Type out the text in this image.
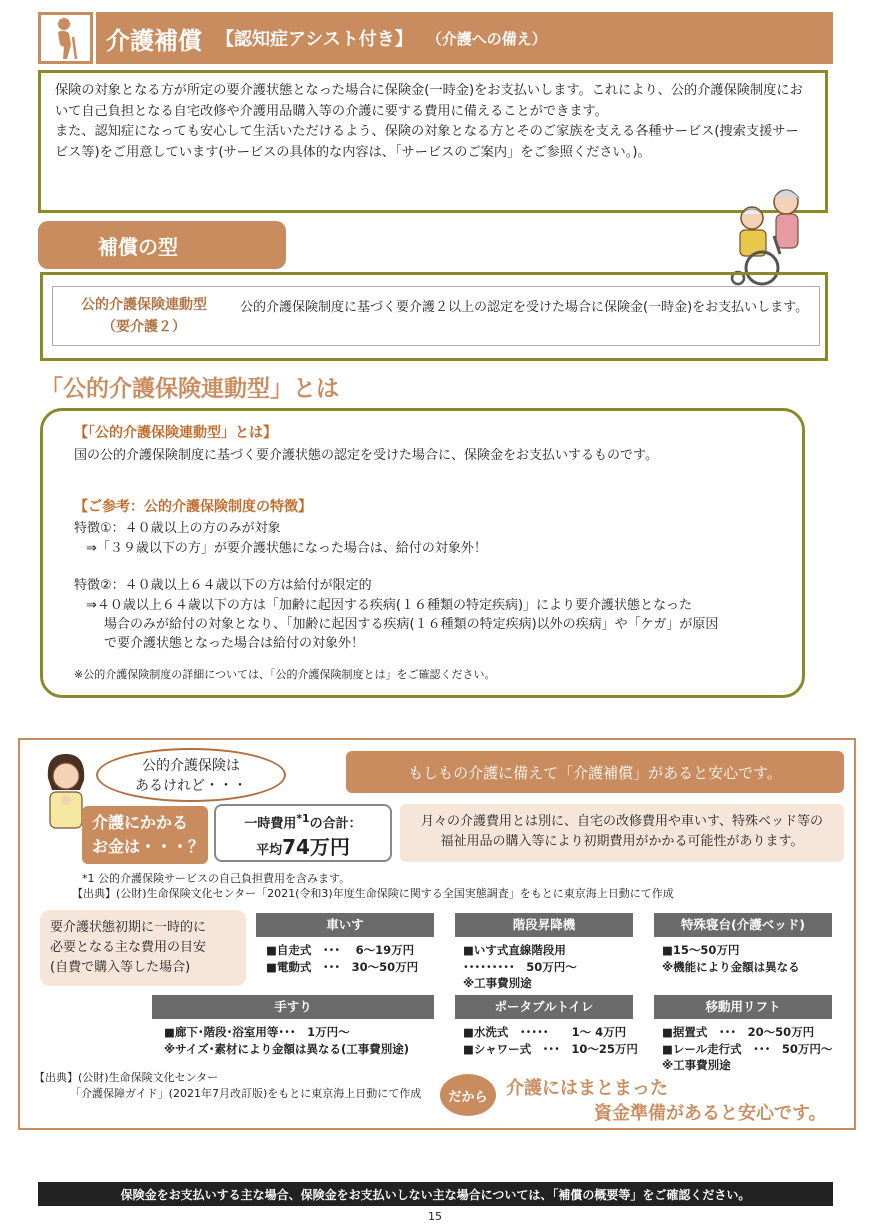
介護補償 【認知症アシスト付き】 （介護への備え）

保険の対象となる方が所定の要介護状態となった場合に保険金(一時金)をお支払いします。これにより、公的介護保険制度において自己負担となる自宅改修や介護用品購入等の介護に要する費用に備えることができます。

また、認知症になっても安心して生活いただけるよう、保険の対象となる方とそのご家族を支える各種サービス(捜索支援サービス等)をご用意しています(サービスの具体的な内容は、「サービスのご案内」をご参照ください。)。

補償の型
公的介護保険連動型
（要介護２）
公的介護保険制度に基づく要介護２以上の認定を受けた場合に保険金(一時金)をお支払いします。
「公的介護保険連動型」とは
【「公的介護保険連動型」とは】
国の公的介護保険制度に基づく要介護状態の認定を受けた場合に、保険金をお支払いするものです。
【ご参考：公的介護保険制度の特徴】
特徴①：４０歳以上の方のみが対象
⇒「３９歳以下の方」が要介護状態になった場合は、給付の対象外！
特徴②：４０歳以上６４歳以下の方は給付が限定的
⇒４０歳以上６４歳以下の方は「加齢に起因する疾病(１６種類の特定疾病)」により要介護状態となった
場合のみが給付の対象となり、「加齢に起因する疾病(１６種類の特定疾病)以外の疾病」や「ケガ」が原因
で要介護状態となった場合は給付の対象外！
※公的介護保険制度の詳細については、「公的介護保険制度とは」をご確認ください。
公的介護保険は
あるけれど・・・
もしもの介護に備えて「介護補償」があると安心です。
介護にかかる
お金は・・・？
一時費用$^{*1}$の合計：
平均74万円
月々の介護費用とは別に、自宅の改修費用や車いす、特殊ベッド等の
福祉用品の購入等により初期費用がかかる可能性があります。
*1 公的介護保険サービスの自己負担費用を含みます。
【出典】(公財)生命保険文化センター「2021(令和3)年度生命保険に関する全国実態調査」をもとに東京海上日動にて作成
要介護状態初期に一時的に
必要となる主な費用の目安
(自費で購入等した場合)
車いす
■自走式　･･･　 6～19万円
■電動式　･･･　30～50万円
階段昇降機
■いす式直線階段用
･････････　50万円～
※工事費別途
特殊寝台(介護ベッド)
■15～50万円
※機能により金額は異なる
手すり
■廊下･階段･浴室用等･･･　1万円～
※サイズ･素材により金額は異なる(工事費別途)
ポータブルトイレ
■水洗式　･････　　1～ 4万円
■シャワー式　･･･　10～25万円
移動用リフト
■据置式　･･･　20～50万円
■レール走行式　･･･　50万円～
※工事費別途
【出典】(公財)生命保険文化センター
「介護保障ガイド」(2021年7月改訂版)をもとに東京海上日動にて作成	だから	介護にはまとまった
資金準備があると安心です。
保険金をお支払いする主な場合、保険金をお支払いしない主な場合については、「補償の概要等」をご確認ください。
15
